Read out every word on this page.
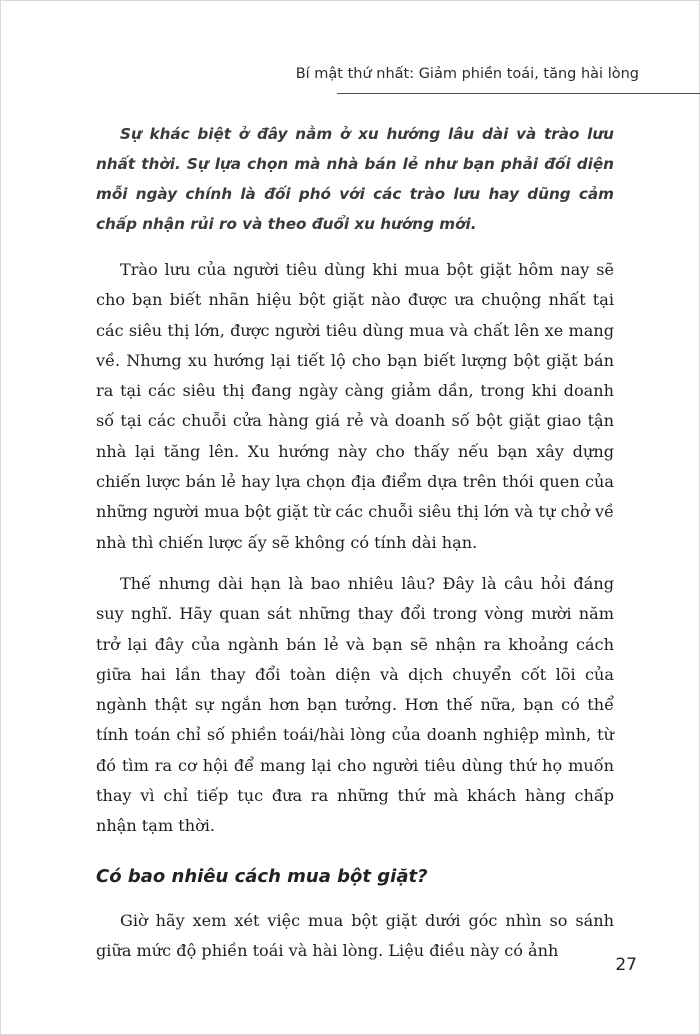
Bí mật thứ nhất: Giảm phiền toái, tăng hài lòng

Sự khác biệt ở đây nằm ở xu hướng lâu dài và trào lưu nhất thời. Sự lựa chọn mà nhà bán lẻ như bạn phải đối diện mỗi ngày chính là đối phó với các trào lưu hay dũng cảm chấp nhận rủi ro và theo đuổi xu hướng mới.

Trào lưu của người tiêu dùng khi mua bột giặt hôm nay sẽ cho bạn biết nhãn hiệu bột giặt nào được ưa chuộng nhất tại các siêu thị lớn, được người tiêu dùng mua và chất lên xe mang về. Nhưng xu hướng lại tiết lộ cho bạn biết lượng bột giặt bán ra tại các siêu thị đang ngày càng giảm dần, trong khi doanh số tại các chuỗi cửa hàng giá rẻ và doanh số bột giặt giao tận nhà lại tăng lên. Xu hướng này cho thấy nếu bạn xây dựng chiến lược bán lẻ hay lựa chọn địa điểm dựa trên thói quen của những người mua bột giặt từ các chuỗi siêu thị lớn và tự chở về nhà thì chiến lược ấy sẽ không có tính dài hạn.

Thế nhưng dài hạn là bao nhiêu lâu? Đây là câu hỏi đáng suy nghĩ. Hãy quan sát những thay đổi trong vòng mười năm trở lại đây của ngành bán lẻ và bạn sẽ nhận ra khoảng cách giữa hai lần thay đổi toàn diện và dịch chuyển cốt lõi của ngành thật sự ngắn hơn bạn tưởng. Hơn thế nữa, bạn có thể tính toán chỉ số phiền toái/hài lòng của doanh nghiệp mình, từ đó tìm ra cơ hội để mang lại cho người tiêu dùng thứ họ muốn thay vì chỉ tiếp tục đưa ra những thứ mà khách hàng chấp nhận tạm thời.

Có bao nhiêu cách mua bột giặt?

Giờ hãy xem xét việc mua bột giặt dưới góc nhìn so sánh giữa mức độ phiền toái và hài lòng. Liệu điều này có ảnh

27
